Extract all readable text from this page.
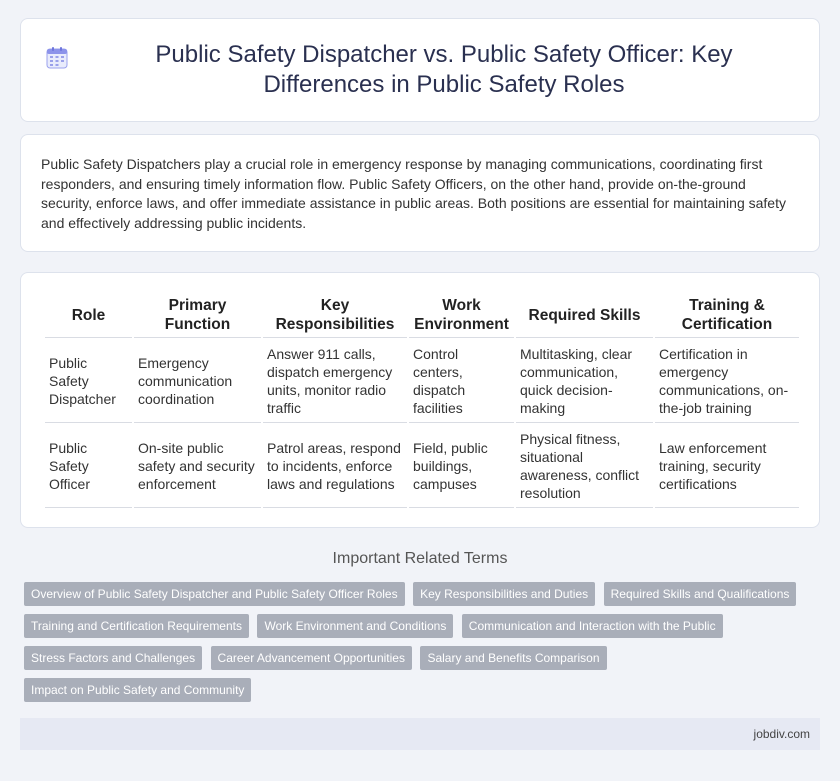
Public Safety Dispatcher vs. Public Safety Officer: Key Differences in Public Safety Roles

Public Safety Dispatchers play a crucial role in emergency response by managing communications, coordinating first responders, and ensuring timely information flow. Public Safety Officers, on the other hand, provide on-the-ground security, enforce laws, and offer immediate assistance in public areas. Both positions are essential for maintaining safety and effectively addressing public incidents.

Role	Primary Function	Key Responsibilities	Work Environment	Required Skills	Training & Certification
Public Safety Dispatcher	Emergency communication coordination	Answer 911 calls, dispatch emergency units, monitor radio traffic	Control centers, dispatch facilities	Multitasking, clear communication, quick decision-making	Certification in emergency communications, on-the-job training
Public Safety Officer	On-site public safety and security enforcement	Patrol areas, respond to incidents, enforce laws and regulations	Field, public buildings, campuses	Physical fitness, situational awareness, conflict resolution	Law enforcement training, security certifications
Important Related Terms
Overview of Public Safety Dispatcher and Public Safety Officer Roles Key Responsibilities and Duties Required Skills and Qualifications Training and Certification Requirements Work Environment and Conditions Communication and Interaction with the Public Stress Factors and Challenges Career Advancement Opportunities Salary and Benefits Comparison Impact on Public Safety and Community
jobdiv.com
